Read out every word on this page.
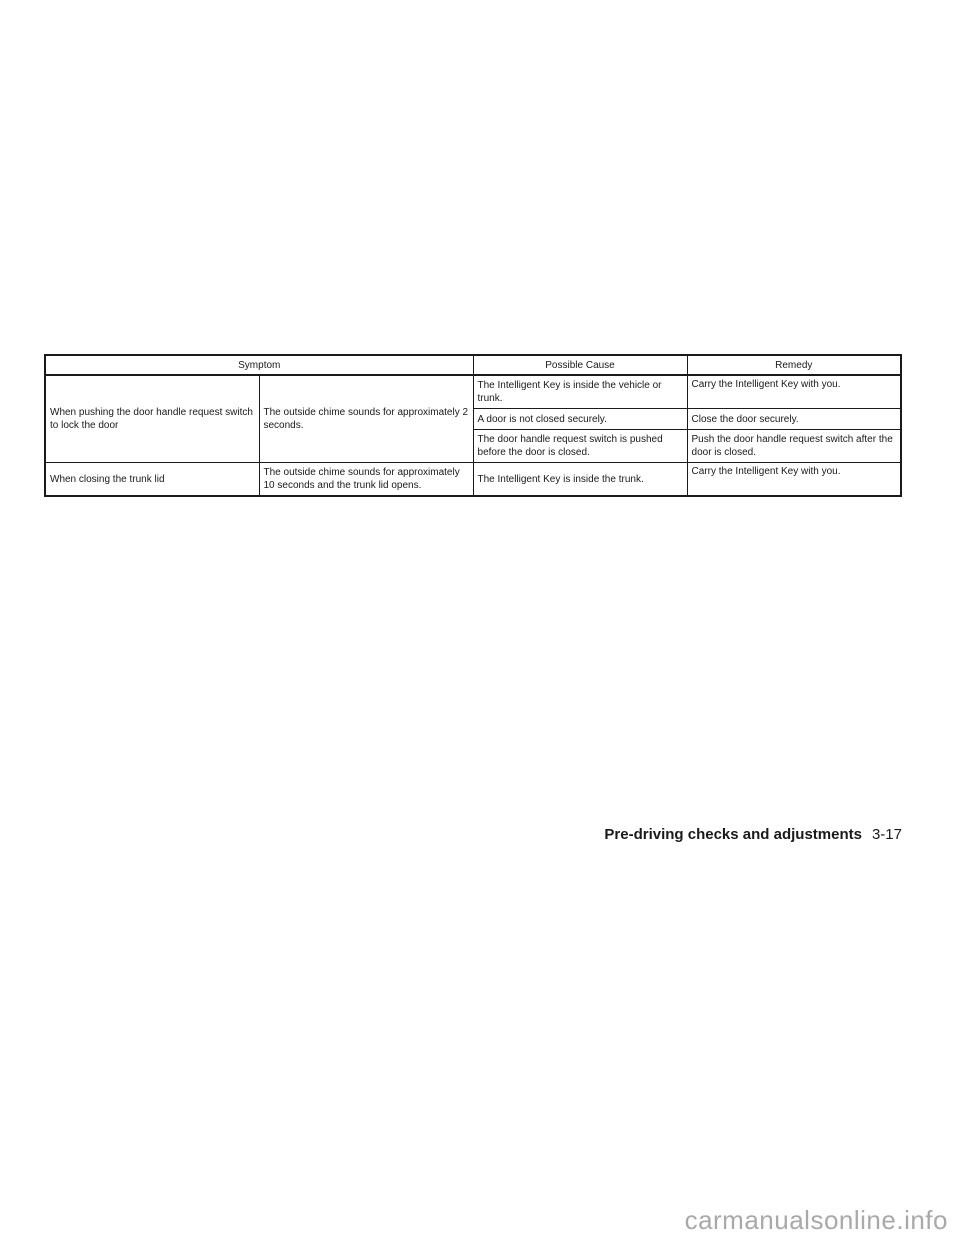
Symptom		Possible Cause	Remedy
When pushing the door handle request switch to lock the door	The outside chime sounds for approximately 2 seconds.	The Intelligent Key is inside the vehicle or trunk.	Carry the Intelligent Key with you.
		A door is not closed securely.	Close the door securely.
		The door handle request switch is pushed before the door is closed.	Push the door handle request switch after the door is closed.
When closing the trunk lid	The outside chime sounds for approximately 10 seconds and the trunk lid opens.	The Intelligent Key is inside the trunk.	Carry the Intelligent Key with you.
Pre-driving checks and adjustments 3-17
carmanualsonline.info
